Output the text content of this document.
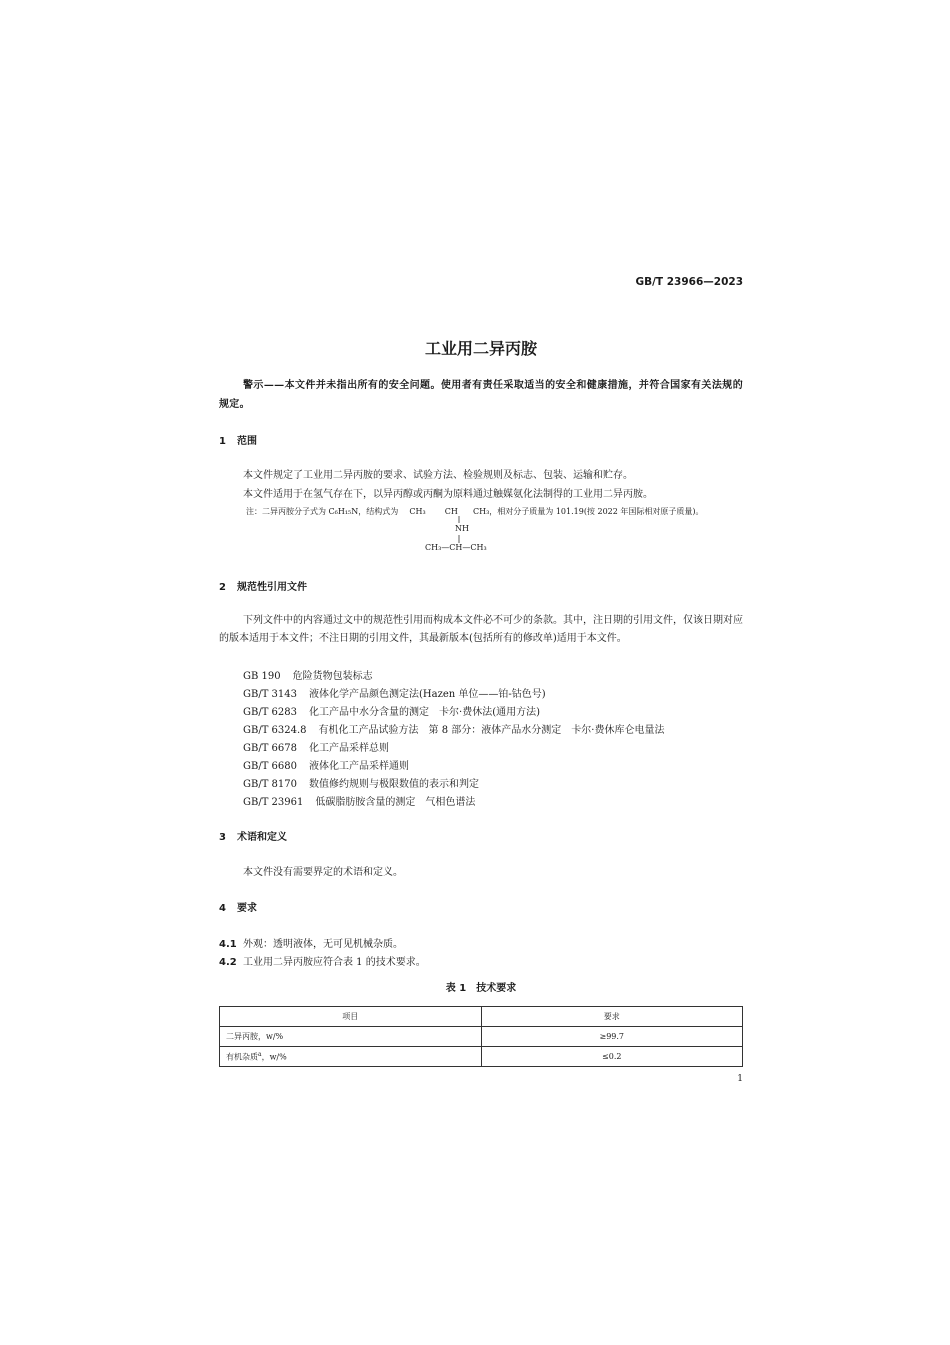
GB/T 23966—2023
工业用二异丙胺
警示——本文件并未指出所有的安全问题。使用者有责任采取适当的安全和健康措施，并符合国家有关法规的规定。
1 范围
本文件规定了工业用二异丙胺的要求、试验方法、检验规则及标志、包装、运输和贮存。
本文件适用于在氢气存在下，以异丙醇或丙酮为原料通过触媒氨化法制得的工业用二异丙胺。
注：二异丙胺分子式为 C₆H₁₅N，结构式为 CH₃ CH CH₃，相对分子质量为 101.19(按 2022 年国际相对原子质量)。
NH
CH₃—CH—CH₃
2 规范性引用文件
下列文件中的内容通过文中的规范性引用而构成本文件必不可少的条款。其中，注日期的引用文件，仅该日期对应的版本适用于本文件；不注日期的引用文件，其最新版本(包括所有的修改单)适用于本文件。
GB 190 危险货物包装标志
GB/T 3143 液体化学产品颜色测定法(Hazen 单位——铂-钴色号)
GB/T 6283 化工产品中水分含量的测定　卡尔·费休法(通用方法)
GB/T 6324.8 有机化工产品试验方法　第 8 部分：液体产品水分测定　卡尔·费休库仑电量法
GB/T 6678 化工产品采样总则
GB/T 6680 液体化工产品采样通则
GB/T 8170 数值修约规则与极限数值的表示和判定
GB/T 23961 低碳脂肪胺含量的测定　气相色谱法
3 术语和定义
本文件没有需要界定的术语和定义。
4 要求
4.1 外观：透明液体，无可见机械杂质。
4.2 工业用二异丙胺应符合表 1 的技术要求。
表 1　技术要求
项目	要求
二异丙胺，w/%	≥99.7
有机杂质$^a$，w/%	≤0.2
1
